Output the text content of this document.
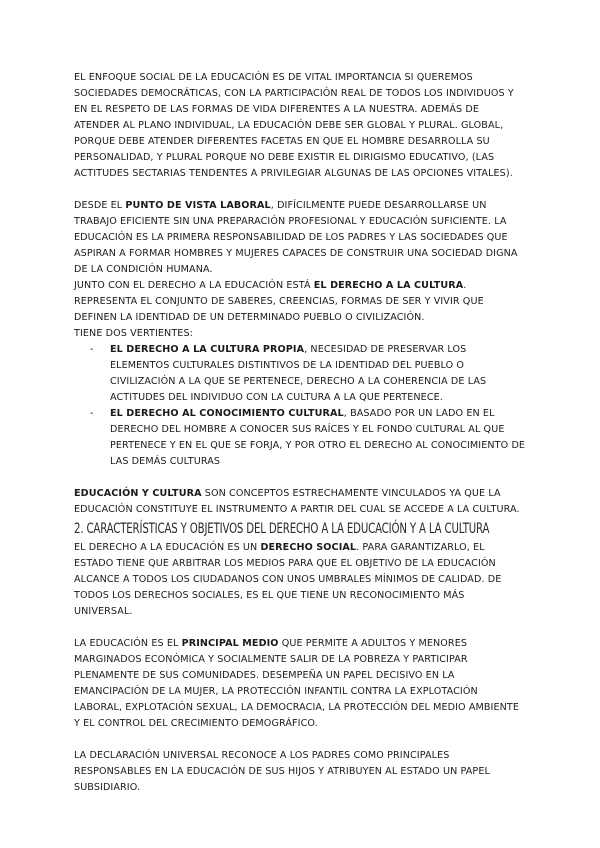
EL ENFOQUE SOCIAL DE LA EDUCACIÓN ES DE VITAL IMPORTANCIA SI QUEREMOS SOCIEDADES DEMOCRÁTICAS, CON LA PARTICIPACIÓN REAL DE TODOS LOS INDIVIDUOS Y EN EL RESPETO DE LAS FORMAS DE VIDA DIFERENTES A LA NUESTRA. ADEMÁS DE ATENDER AL PLANO INDIVIDUAL, LA EDUCACIÓN DEBE SER GLOBAL Y PLURAL. GLOBAL, PORQUE DEBE ATENDER DIFERENTES FACETAS EN QUE EL HOMBRE DESARROLLA SU PERSONALIDAD, Y PLURAL PORQUE NO DEBE EXISTIR EL DIRIGISMO EDUCATIVO, (LAS ACTITUDES SECTARIAS TENDENTES A PRIVILEGIAR ALGUNAS DE LAS OPCIONES VITALES).

DESDE EL PUNTO DE VISTA LABORAL, DIFÍCILMENTE PUEDE DESARROLLARSE UN TRABAJO EFICIENTE SIN UNA PREPARACIÓN PROFESIONAL Y EDUCACIÓN SUFICIENTE. LA EDUCACIÓN ES LA PRIMERA RESPONSABILIDAD DE LOS PADRES Y LAS SOCIEDADES QUE ASPIRAN A FORMAR HOMBRES Y MUJERES CAPACES DE CONSTRUIR UNA SOCIEDAD DIGNA DE LA CONDICIÓN HUMANA.

JUNTO CON EL DERECHO A LA EDUCACIÓN ESTÁ EL DERECHO A LA CULTURA. REPRESENTA EL CONJUNTO DE SABERES, CREENCIAS, FORMAS DE SER Y VIVIR QUE DEFINEN LA IDENTIDAD DE UN DETERMINADO PUEBLO O CIVILIZACIÓN.

TIENE DOS VERTIENTES:

- EL DERECHO A LA CULTURA PROPIA, NECESIDAD DE PRESERVAR LOS ELEMENTOS CULTURALES DISTINTIVOS DE LA IDENTIDAD DEL PUEBLO O CIVILIZACIÓN A LA QUE SE PERTENECE, DERECHO A LA COHERENCIA DE LAS ACTITUDES DEL INDIVIDUO CON LA CULTURA A LA QUE PERTENECE.
- EL DERECHO AL CONOCIMIENTO CULTURAL, BASADO POR UN LADO EN EL DERECHO DEL HOMBRE A CONOCER SUS RAÍCES Y EL FONDO CULTURAL AL QUE PERTENECE Y EN EL QUE SE FORJA, Y POR OTRO EL DERECHO AL CONOCIMIENTO DE LAS DEMÁS CULTURAS

EDUCACIÓN Y CULTURA SON CONCEPTOS ESTRECHAMENTE VINCULADOS YA QUE LA EDUCACIÓN CONSTITUYE EL INSTRUMENTO A PARTIR DEL CUAL SE ACCEDE A LA CULTURA.

2. CARACTERÍSTICAS Y OBJETIVOS DEL DERECHO A LA EDUCACIÓN Y A LA CULTURA

EL DERECHO A LA EDUCACIÓN ES UN DERECHO SOCIAL. PARA GARANTIZARLO, EL ESTADO TIENE QUE ARBITRAR LOS MEDIOS PARA QUE EL OBJETIVO DE LA EDUCACIÓN ALCANCE A TODOS LOS CIUDADANOS CON UNOS UMBRALES MÍNIMOS DE CALIDAD. DE TODOS LOS DERECHOS SOCIALES, ES EL QUE TIENE UN RECONOCIMIENTO MÁS UNIVERSAL.

LA EDUCACIÓN ES EL PRINCIPAL MEDIO QUE PERMITE A ADULTOS Y MENORES MARGINADOS ECONÓMICA Y SOCIALMENTE SALIR DE LA POBREZA Y PARTICIPAR PLENAMENTE DE SUS COMUNIDADES. DESEMPEÑA UN PAPEL DECISIVO EN LA EMANCIPACIÓN DE LA MUJER, LA PROTECCIÓN INFANTIL CONTRA LA EXPLOTACIÓN LABORAL, EXPLOTACIÓN SEXUAL, LA DEMOCRACIA, LA PROTECCIÓN DEL MEDIO AMBIENTE Y EL CONTROL DEL CRECIMIENTO DEMOGRÁFICO.

LA DECLARACIÓN UNIVERSAL RECONOCE A LOS PADRES COMO PRINCIPALES RESPONSABLES EN LA EDUCACIÓN DE SUS HIJOS Y ATRIBUYEN AL ESTADO UN PAPEL SUBSIDIARIO.
